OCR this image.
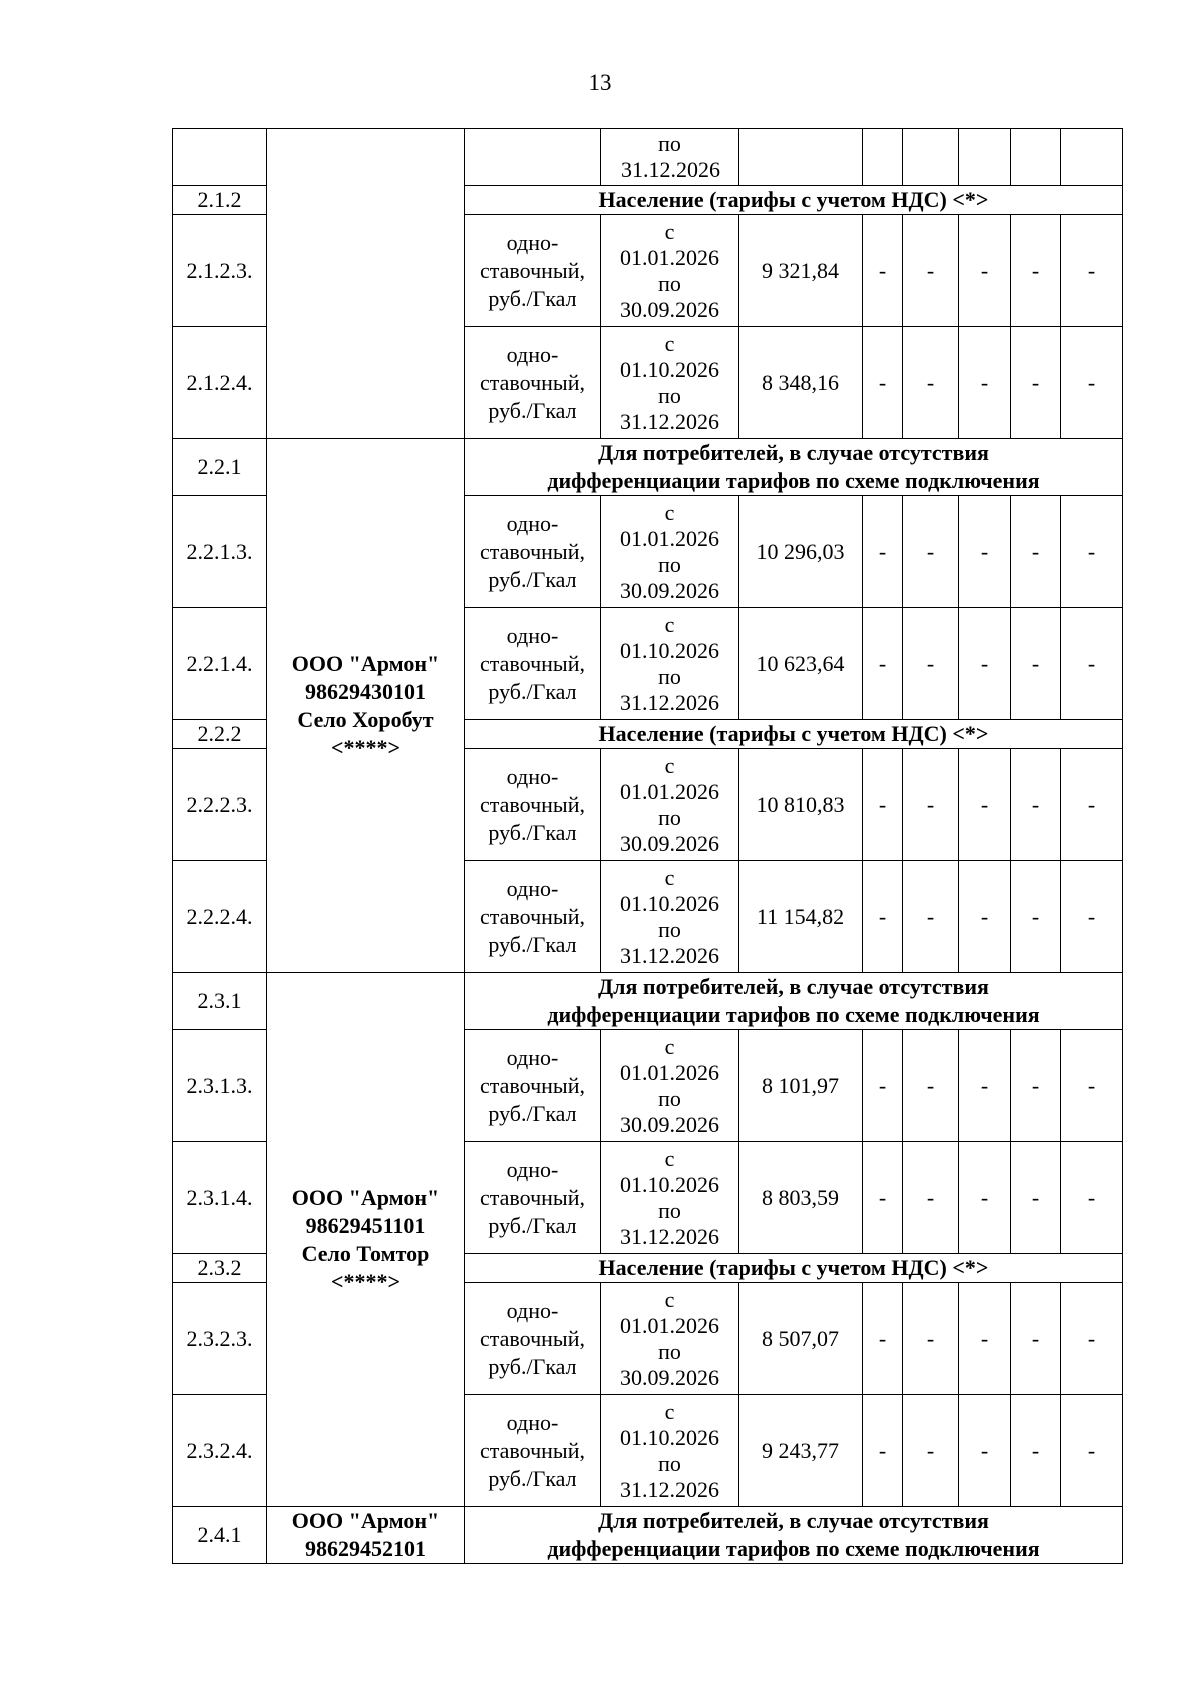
13
			по 31.12.2026						
2.1.2		Население (тарифы с учетом НДС) <*>							
2.1.2.3.		одно-
ставочный,
руб./Гкал	с
01.01.2026
по
30.09.2026	9 321,84	-	-	-	-	-
2.1.2.4.		одно-
ставочный,
руб./Гкал	с
01.10.2026
по
31.12.2026	8 348,16	-	-	-	-	-
2.2.1	ООО "Армон"
98629430101
Село Хоробут
<****>	Для потребителей, в случае отсутствия
дифференциации тарифов по схеме подключения							

2.2.1.3.		одно-
ставочный,
руб./Гкал	с
01.01.2026
по
30.09.2026	10 296,03	-	-	-	-	-
2.2.1.4.		одно-
ставочный,
руб./Гкал	с
01.10.2026
по
31.12.2026	10 623,64	-	-	-	-	-
2.2.2		Население (тарифы с учетом НДС) <*>							
2.2.2.3.		одно-
ставочный,
руб./Гкал	с
01.01.2026
по
30.09.2026	10 810,83	-	-	-	-	-
2.2.2.4.		одно-
ставочный,
руб./Гкал	с
01.10.2026
по
31.12.2026	11 154,82	-	-	-	-	-
2.3.1	ООО "Армон"
98629451101
Село Томтор
<****>	Для потребителей, в случае отсутствия
дифференциации тарифов по схеме подключения							

2.3.1.3.		одно-
ставочный,
руб./Гкал	с
01.01.2026
по
30.09.2026	8 101,97	-	-	-	-	-
2.3.1.4.		одно-
ставочный,
руб./Гкал	с
01.10.2026
по
31.12.2026	8 803,59	-	-	-	-	-
2.3.2		Население (тарифы с учетом НДС) <*>							
2.3.2.3.		одно-
ставочный,
руб./Гкал	с
01.01.2026
по
30.09.2026	8 507,07	-	-	-	-	-
2.3.2.4.		одно-
ставочный,
руб./Гкал	с
01.10.2026
по
31.12.2026	9 243,77	-	-	-	-	-
2.4.1	ООО "Армон"
98629452101	Для потребителей, в случае отсутствия
дифференциации тарифов по схеме подключения							
